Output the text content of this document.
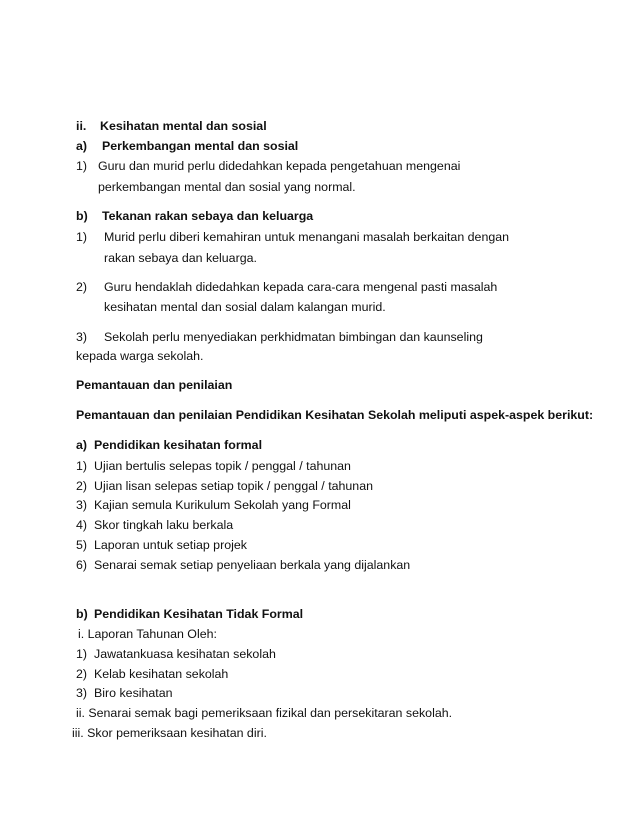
ii. Kesihatan mental dan sosial
a) Perkembangan mental dan sosial
1) Guru dan murid perlu didedahkan kepada pengetahuan mengenai
perkembangan mental dan sosial yang normal.
b) Tekanan rakan sebaya dan keluarga
1) Murid perlu diberi kemahiran untuk menangani masalah berkaitan dengan
rakan sebaya dan keluarga.
2) Guru hendaklah didedahkan kepada cara-cara mengenal pasti masalah
kesihatan mental dan sosial dalam kalangan murid.
3) Sekolah perlu menyediakan perkhidmatan bimbingan dan kaunseling
kepada warga sekolah.
Pemantauan dan penilaian
Pemantauan dan penilaian Pendidikan Kesihatan Sekolah meliputi aspek-aspek berikut:
a) Pendidikan kesihatan formal
1) Ujian bertulis selepas topik / penggal / tahunan
2) Ujian lisan selepas setiap topik / penggal / tahunan
3) Kajian semula Kurikulum Sekolah yang Formal
4) Skor tingkah laku berkala
5) Laporan untuk setiap projek
6) Senarai semak setiap penyeliaan berkala yang dijalankan
b) Pendidikan Kesihatan Tidak Formal
i. Laporan Tahunan Oleh:
1) Jawatankuasa kesihatan sekolah
2) Kelab kesihatan sekolah
3) Biro kesihatan
ii. Senarai semak bagi pemeriksaan fizikal dan persekitaran sekolah.
iii. Skor pemeriksaan kesihatan diri.
